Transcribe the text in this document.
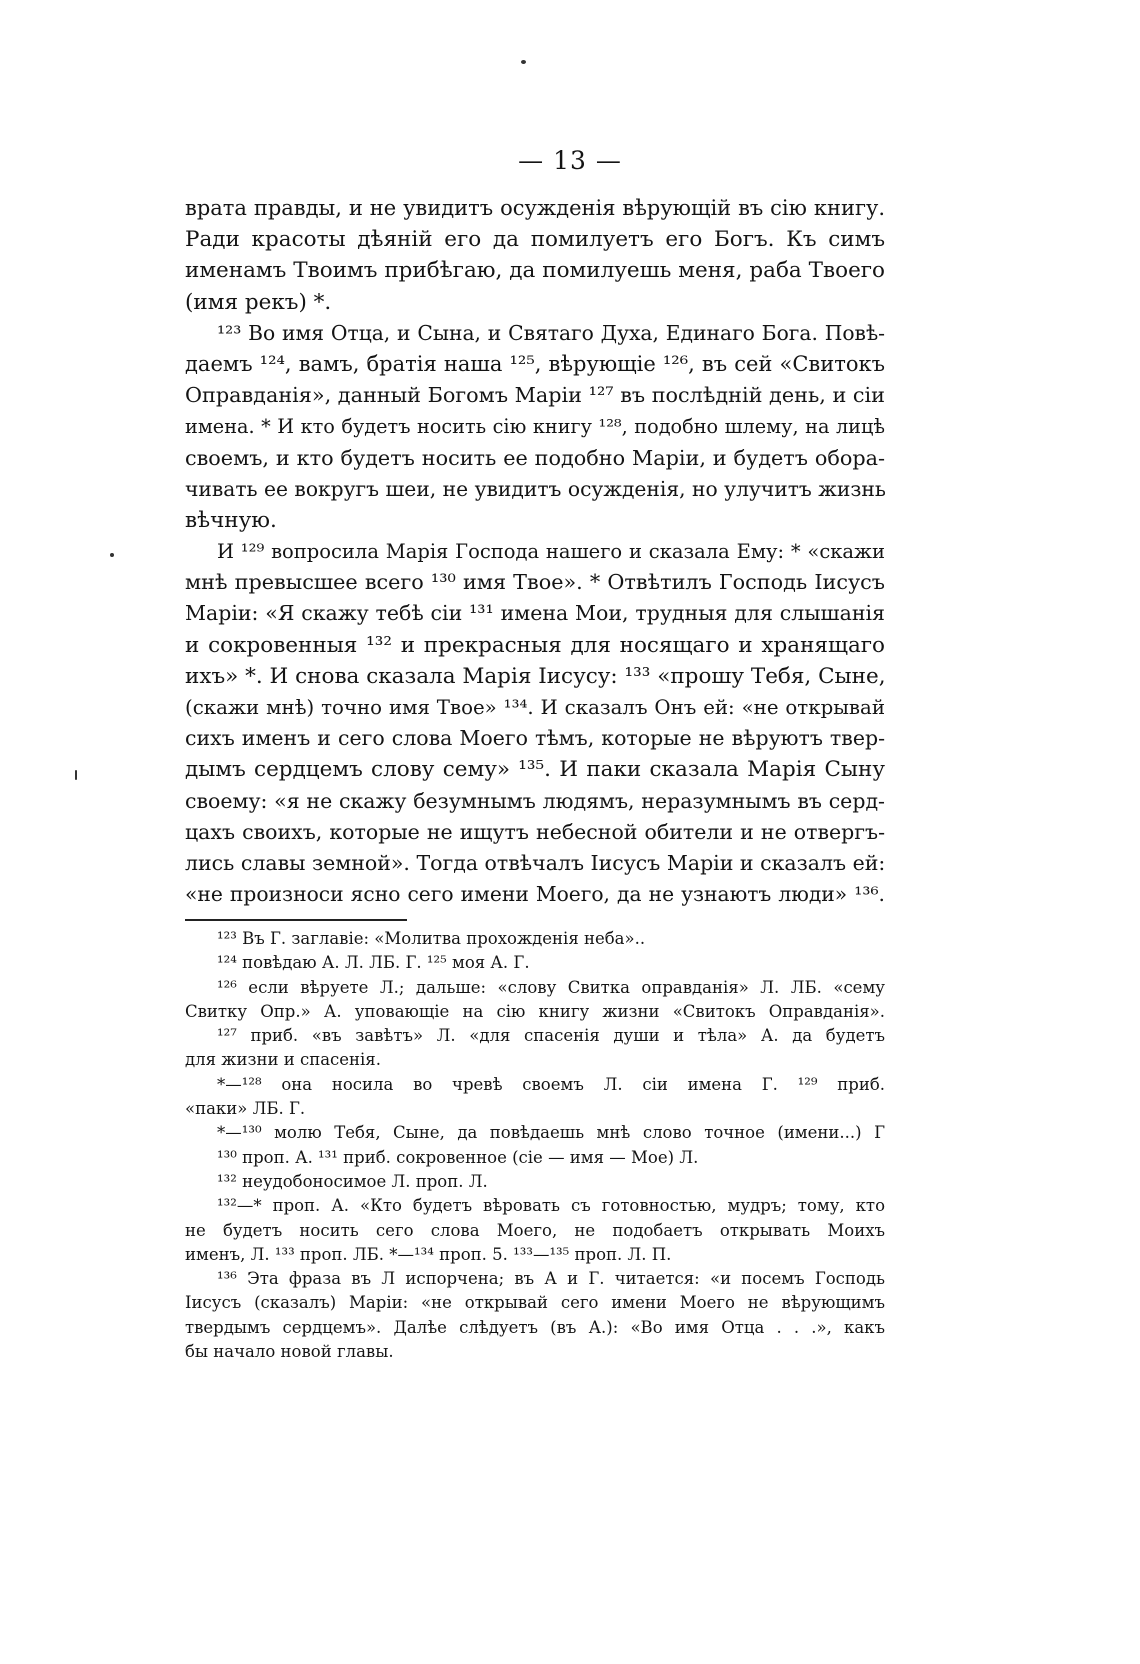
— 13 —
врата правды, и не увидитъ осужденія вѣрующій въ сію книгу.
Ради красоты дѣяній его да помилуетъ его Богъ. Къ симъ
именамъ Твоимъ прибѣгаю, да помилуешь меня, раба Твоего
(имя рекъ) *.
¹²³ Во имя Отца, и Сына, и Святаго Духа, Единаго Бога. Повѣ-
даемъ ¹²⁴, вамъ, братія наша ¹²⁵, вѣрующіе ¹²⁶, въ сей «Свитокъ
Оправданія», данный Богомъ Маріи ¹²⁷ въ послѣдній день, и сіи
имена. * И кто будетъ носить сію книгу ¹²⁸, подобно шлему, на лицѣ
своемъ, и кто будетъ носить ее подобно Маріи, и будетъ обора-
чивать ее вокругъ шеи, не увидитъ осужденія, но улучитъ жизнь
вѣчную.
И ¹²⁹ вопросила Марія Господа нашего и сказала Ему: * «скажи
мнѣ превысшее всего ¹³⁰ имя Твое». * Отвѣтилъ Господь Іисусъ
Маріи: «Я скажу тебѣ сіи ¹³¹ имена Мои, трудныя для слышанія
и сокровенныя ¹³² и прекрасныя для носящаго и хранящаго
ихъ» *. И снова сказала Марія Іисусу: ¹³³ «прошу Тебя, Сыне,
(скажи мнѣ) точно имя Твое» ¹³⁴. И сказалъ Онъ ей: «не открывай
сихъ именъ и сего слова Моего тѣмъ, которые не вѣруютъ твер-
дымъ сердцемъ слову сему» ¹³⁵. И паки сказала Марія Сыну
своему: «я не скажу безумнымъ людямъ, неразумнымъ въ серд-
цахъ своихъ, которые не ищутъ небесной обители и не отвергъ-
лись славы земной». Тогда отвѣчалъ Іисусъ Маріи и сказалъ ей:
«не произноси ясно сего имени Моего, да не узнаютъ люди» ¹³⁶.
¹²³ Въ Г. заглавіе: «Молитва прохожденія неба»..
¹²⁴ повѣдаю А. Л. ЛБ. Г. ¹²⁵ моя А. Г.
¹²⁶ если вѣруете Л.; дальше: «слову Свитка оправданія» Л. ЛБ. «сему
Свитку Опр.» А. уповающіе на сію книгу жизни «Свитокъ Оправданія».
¹²⁷ приб. «въ завѣтъ» Л. «для спасенія души и тѣла» А. да будетъ
для жизни и спасенія.
*—¹²⁸ она носила во чревѣ своемъ Л. сіи имена Г. ¹²⁹ приб.
«паки» ЛБ. Г.
*—¹³⁰ молю Тебя, Сыне, да повѣдаешь мнѣ слово точное (имени...) Г
¹³⁰ проп. А. ¹³¹ приб. сокровенное (сіе — имя — Мое) Л.
¹³² неудобоносимое Л. проп. Л.
¹³²—* проп. А. «Кто будетъ вѣровать съ готовностью, мудръ; тому, кто
не будетъ носить сего слова Моего, не подобаетъ открывать Моихъ
именъ, Л. ¹³³ проп. ЛБ. *—¹³⁴ проп. 5. ¹³³—¹³⁵ проп. Л. П.
¹³⁶ Эта фраза въ Л испорчена; въ А и Г. читается: «и посемъ Господь
Іисусъ (сказалъ) Маріи: «не открывай сего имени Моего не вѣрующимъ
твердымъ сердцемъ». Далѣе слѣдуетъ (въ А.): «Во имя Отца . . .», какъ
бы начало новой главы.
